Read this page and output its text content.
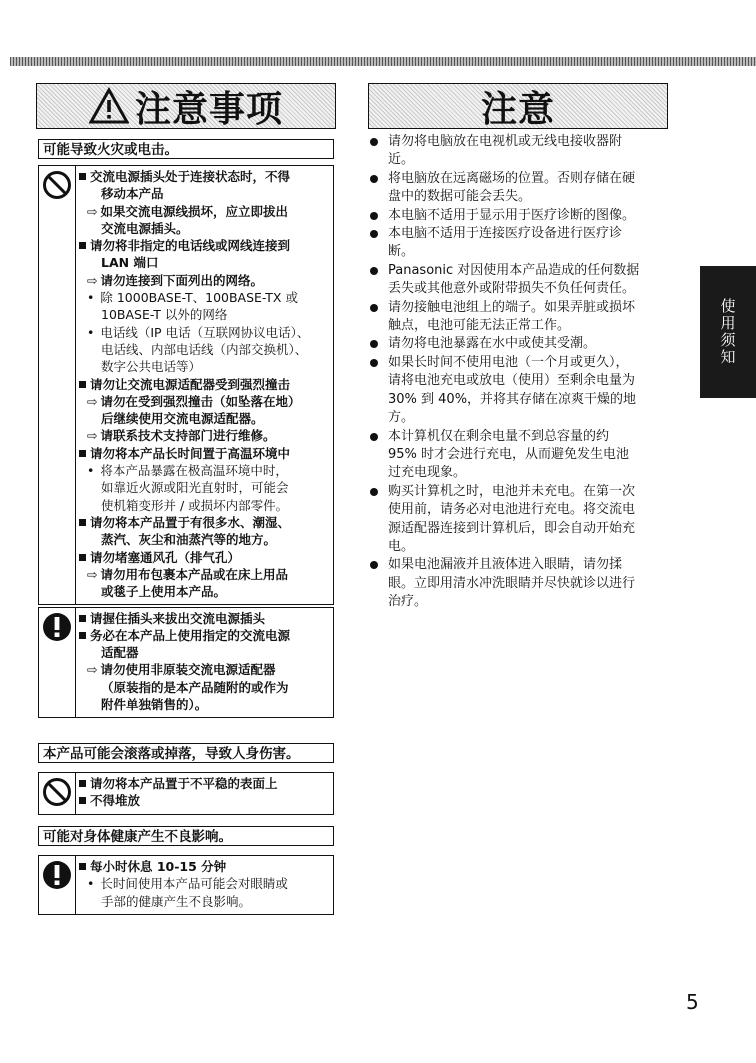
注意事项	注意
可能导致火灾或电击。
交流电源插头处于连接状态时，不得
移动本产品
⇨ 如果交流电源线损坏，应立即拔出
交流电源插头。
请勿将非指定的电话线或网线连接到
LAN 端口
⇨ 请勿连接到下面列出的网络。
• 除 1000BASE-T、100BASE-TX 或
10BASE-T 以外的网络
• 电话线（IP 电话（互联网协议电话）、
电话线、内部电话线（内部交换机）、
数字公共电话等）
请勿让交流电源适配器受到强烈撞击
⇨ 请勿在受到强烈撞击（如坠落在地）
后继续使用交流电源适配器。
⇨ 请联系技术支持部门进行维修。
请勿将本产品长时间置于高温环境中
• 将本产品暴露在极高温环境中时，
如靠近火源或阳光直射时，可能会
使机箱变形并 / 或损坏内部零件。
请勿将本产品置于有很多水、潮湿、
蒸汽、灰尘和油蒸汽等的地方。
请勿堵塞通风孔（排气孔）
⇨ 请勿用布包裹本产品或在床上用品
或毯子上使用本产品。
请握住插头来拔出交流电源插头
务必在本产品上使用指定的交流电源
适配器
⇨ 请勿使用非原装交流电源适配器
（原装指的是本产品随附的或作为
附件单独销售的）。
本产品可能会滚落或掉落，导致人身伤害。
请勿将本产品置于不平稳的表面上
不得堆放
可能对身体健康产生不良影响。
每小时休息 10-15 分钟
• 长时间使用本产品可能会对眼睛或
手部的健康产生不良影响。
请勿将电脑放在电视机或无线电接收器附
近。
将电脑放在远离磁场的位置。否则存储在硬
盘中的数据可能会丢失。
本电脑不适用于显示用于医疗诊断的图像。
本电脑不适用于连接医疗设备进行医疗诊
断。
Panasonic 对因使用本产品造成的任何数据
丢失或其他意外或附带损失不负任何责任。
请勿接触电池组上的端子。如果弄脏或损坏
触点，电池可能无法正常工作。
请勿将电池暴露在水中或使其受潮。
如果长时间不使用电池（一个月或更久），
请将电池充电或放电（使用）至剩余电量为
30% 到 40%，并将其存储在凉爽干燥的地
方。
本计算机仅在剩余电量不到总容量的约
95% 时才会进行充电，从而避免发生电池
过充电现象。
购买计算机之时，电池并未充电。在第一次
使用前，请务必对电池进行充电。将交流电
源适配器连接到计算机后，即会自动开始充
电。
如果电池漏液并且液体进入眼睛，请勿揉
眼。立即用清水冲洗眼睛并尽快就诊以进行
治疗。
使用须知
5
